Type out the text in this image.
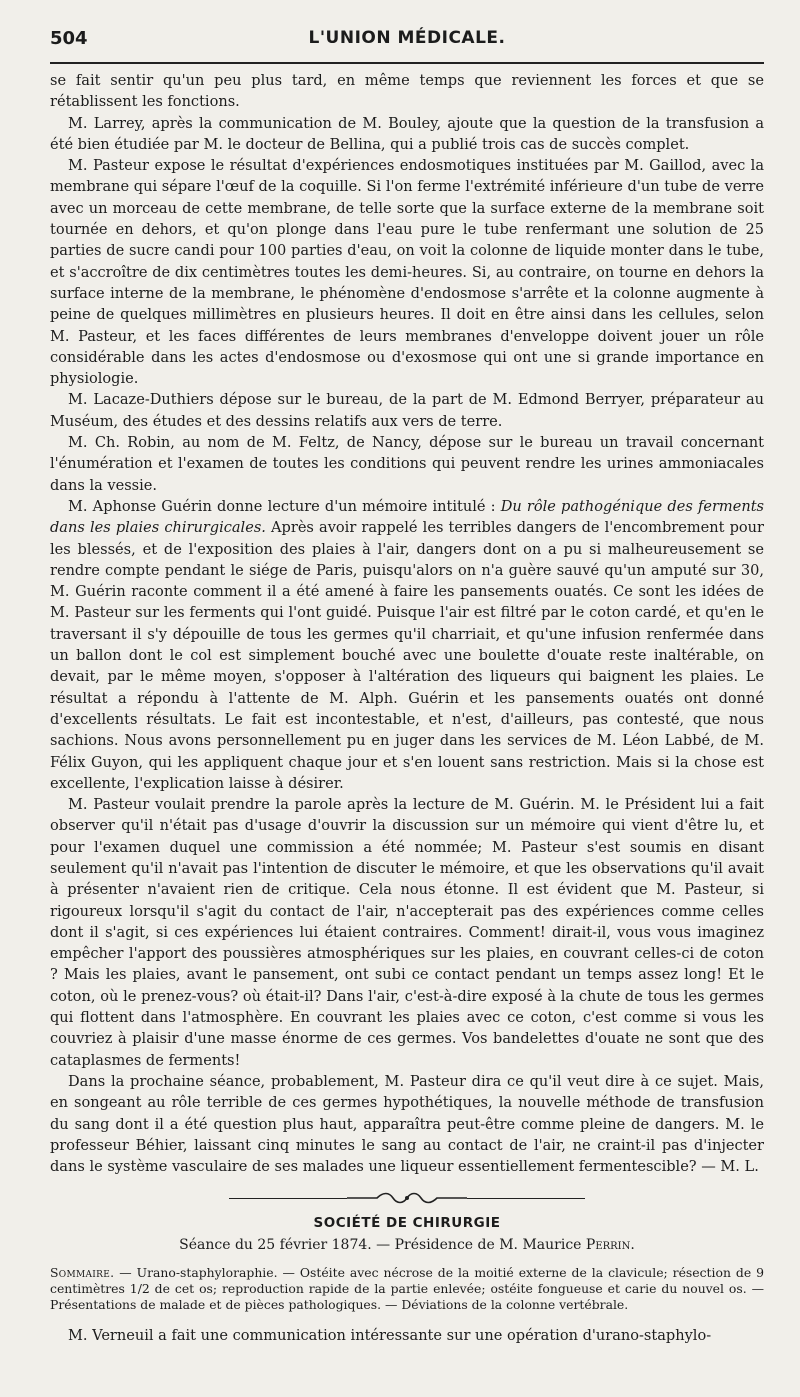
504	L'UNION MÉDICALE.

se fait sentir qu'un peu plus tard, en même temps que reviennent les forces et que se rétablissent les fonctions.

M. Larrey, après la communication de M. Bouley, ajoute que la question de la transfusion a été bien étudiée par M. le docteur de Bellina, qui a publié trois cas de succès complet.

M. Pasteur expose le résultat d'expériences endosmotiques instituées par M. Gaillod, avec la membrane qui sépare l'œuf de la coquille. Si l'on ferme l'extrémité inférieure d'un tube de verre avec un morceau de cette membrane, de telle sorte que la surface externe de la membrane soit tournée en dehors, et qu'on plonge dans l'eau pure le tube renfermant une solution de 25 parties de sucre candi pour 100 parties d'eau, on voit la colonne de liquide monter dans le tube, et s'accroître de dix centimètres toutes les demi-heures. Si, au contraire, on tourne en dehors la surface interne de la membrane, le phénomène d'endosmose s'arrête et la colonne augmente à peine de quelques millimètres en plusieurs heures. Il doit en être ainsi dans les cellules, selon M. Pasteur, et les faces différentes de leurs membranes d'enveloppe doivent jouer un rôle considérable dans les actes d'endosmose ou d'exosmose qui ont une si grande importance en physiologie.

M. Lacaze-Duthiers dépose sur le bureau, de la part de M. Edmond Berryer, préparateur au Muséum, des études et des dessins relatifs aux vers de terre.

M. Ch. Robin, au nom de M. Feltz, de Nancy, dépose sur le bureau un travail concernant l'énumération et l'examen de toutes les conditions qui peuvent rendre les urines ammoniacales dans la vessie.

M. Aphonse Guérin donne lecture d'un mémoire intitulé : Du rôle pathogénique des ferments dans les plaies chirurgicales. Après avoir rappelé les terribles dangers de l'encombrement pour les blessés, et de l'exposition des plaies à l'air, dangers dont on a pu si malheureusement se rendre compte pendant le siége de Paris, puisqu'alors on n'a guère sauvé qu'un amputé sur 30, M. Guérin raconte comment il a été amené à faire les pansements ouatés. Ce sont les idées de M. Pasteur sur les ferments qui l'ont guidé. Puisque l'air est filtré par le coton cardé, et qu'en le traversant il s'y dépouille de tous les germes qu'il charriait, et qu'une infusion renfermée dans un ballon dont le col est simplement bouché avec une boulette d'ouate reste inaltérable, on devait, par le même moyen, s'opposer à l'altération des liqueurs qui baignent les plaies. Le résultat a répondu à l'attente de M. Alph. Guérin et les pansements ouatés ont donné d'excellents résultats. Le fait est incontestable, et n'est, d'ailleurs, pas contesté, que nous sachions. Nous avons personnellement pu en juger dans les services de M. Léon Labbé, de M. Félix Guyon, qui les appliquent chaque jour et s'en louent sans restriction. Mais si la chose est excellente, l'explication laisse à désirer.

M. Pasteur voulait prendre la parole après la lecture de M. Guérin. M. le Président lui a fait observer qu'il n'était pas d'usage d'ouvrir la discussion sur un mémoire qui vient d'être lu, et pour l'examen duquel une commission a été nommée; M. Pasteur s'est soumis en disant seulement qu'il n'avait pas l'intention de discuter le mémoire, et que les observations qu'il avait à présenter n'avaient rien de critique. Cela nous étonne. Il est évident que M. Pasteur, si rigoureux lorsqu'il s'agit du contact de l'air, n'accepterait pas des expériences comme celles dont il s'agit, si ces expériences lui étaient contraires. Comment! dirait-il, vous vous imaginez empêcher l'apport des poussières atmosphériques sur les plaies, en couvrant celles-ci de coton ? Mais les plaies, avant le pansement, ont subi ce contact pendant un temps assez long! Et le coton, où le prenez-vous? où était-il? Dans l'air, c'est-à-dire exposé à la chute de tous les germes qui flottent dans l'atmosphère. En couvrant les plaies avec ce coton, c'est comme si vous les couvriez à plaisir d'une masse énorme de ces germes. Vos bandelettes d'ouate ne sont que des cataplasmes de ferments!

Dans la prochaine séance, probablement, M. Pasteur dira ce qu'il veut dire à ce sujet. Mais, en songeant au rôle terrible de ces germes hypothétiques, la nouvelle méthode de transfusion du sang dont il a été question plus haut, apparaîtra peut-être comme pleine de dangers. M. le professeur Béhier, laissant cinq minutes le sang au contact de l'air, ne craint-il pas d'injecter dans le système vasculaire de ses malades une liqueur essentiellement fermentescible? — M. L.

SOCIÉTÉ DE CHIRURGIE
Séance du 25 février 1874. — Présidence de M. Maurice Perrin.

Sommaire. — Urano-staphyloraphie. — Ostéite avec nécrose de la moitié externe de la clavicule; résection de 9 centimètres 1/2 de cet os; reproduction rapide de la partie enlevée; ostéite fongueuse et carie du nouvel os. — Présentations de malade et de pièces pathologiques. — Déviations de la colonne vertébrale.

M. Verneuil a fait une communication intéressante sur une opération d'urano-staphylo-
